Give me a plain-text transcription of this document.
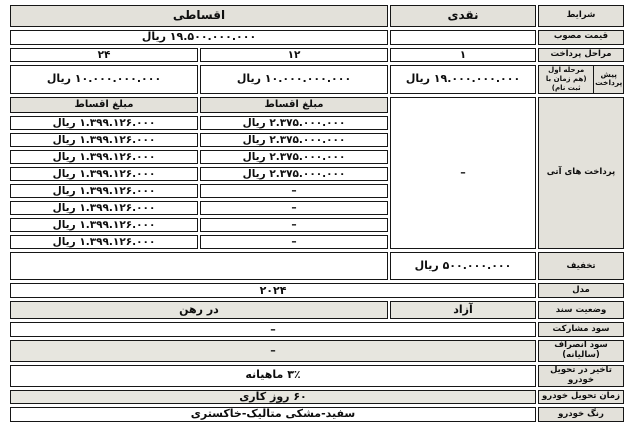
شرایط	نقدی	اقساطی	
قیمت مصوب		۱۹.۵۰۰.۰۰۰.۰۰۰ ریال	
مراحل پرداخت	۱	۱۲	۲۴

پیش پرداخت
مرحله اول
(هم زمان با ثبت نام)	۱۹.۰۰۰.۰۰۰.۰۰۰ ریال	۱۰.۰۰۰.۰۰۰.۰۰۰ ریال	۱۰.۰۰۰.۰۰۰.۰۰۰ ریال
پرداخت های آتی	–	مبلغ اقساط	مبلغ اقساط
		۲.۳۷۵.۰۰۰.۰۰۰ ریال	۱.۳۹۹.۱۲۶.۰۰۰ ریال
		۲.۳۷۵.۰۰۰.۰۰۰ ریال	۱.۳۹۹.۱۲۶.۰۰۰ ریال
		۲.۳۷۵.۰۰۰.۰۰۰ ریال	۱.۳۹۹.۱۲۶.۰۰۰ ریال
		۲.۳۷۵.۰۰۰.۰۰۰ ریال	۱.۳۹۹.۱۲۶.۰۰۰ ریال
		–	۱.۳۹۹.۱۲۶.۰۰۰ ریال
		–	۱.۳۹۹.۱۲۶.۰۰۰ ریال
		–	۱.۳۹۹.۱۲۶.۰۰۰ ریال
		–	۱.۳۹۹.۱۲۶.۰۰۰ ریال
تخفیف	۵۰۰.۰۰۰.۰۰۰ ریال		
مدل	۲۰۲۴		
وضعیت سند	آزاد	در رهن	
سود مشارکت	–		
سود انصراف (سالیانه)	–		
تاخیر در تحویل خودرو	۳٪ ماهیانه		
زمان تحویل خودرو	۶۰ روز کاری		
رنگ خودرو	سفید-مشکی متالیک-خاکستری		
